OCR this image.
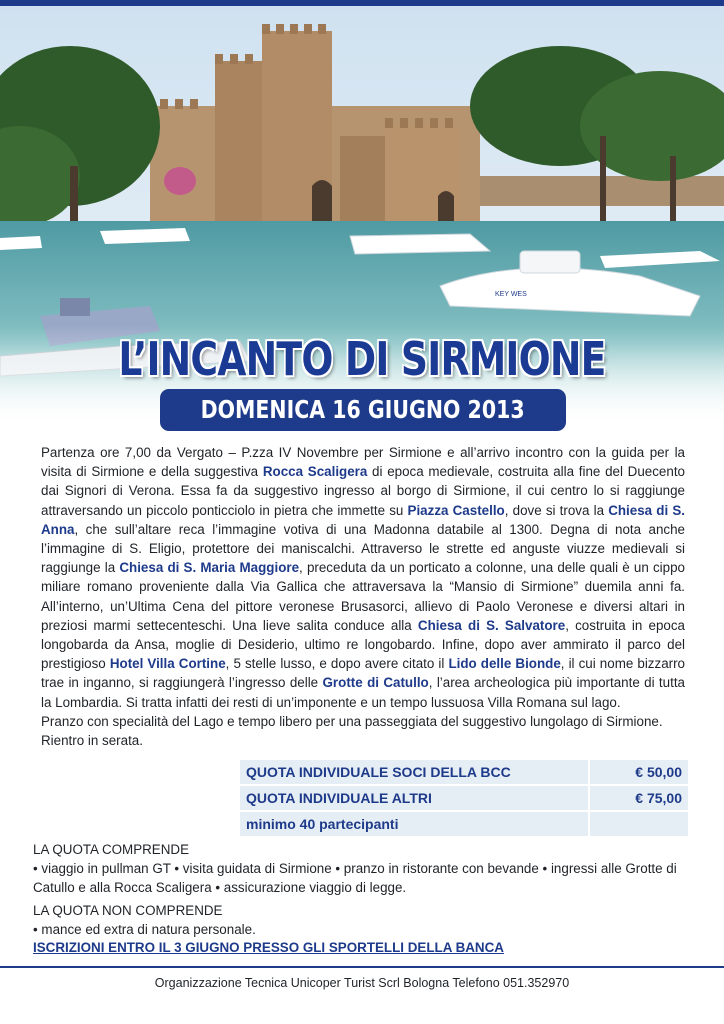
KEY WES
L’INCANTO DI SIRMIONE
DOMENICA 16 GIUGNO 2013

Partenza ore 7,00 da Vergato – P.zza IV Novembre per Sirmione e all’arrivo incontro con la guida per la visita di Sirmione e della suggestiva Rocca Scaligera di epoca medievale, costruita alla fine del Duecento dai Signori di Verona. Essa fa da suggestivo ingresso al borgo di Sirmione, il cui centro lo si raggiunge attraversando un piccolo ponticciolo in pietra che immette su Piazza Castello, dove si trova la Chiesa di S. Anna, che sull’altare reca l’immagine votiva di una Madonna databile al 1300. Degna di nota anche l’immagine di S. Eligio, protettore dei maniscalchi. Attraverso le strette ed anguste viuzze medievali si raggiunge la Chiesa di S. Maria Maggiore, preceduta da un porticato a colonne, una delle quali è un cippo miliare romano proveniente dalla Via Gallica che attraversava la “Mansio di Sirmione” duemila anni fa. All’interno, un’Ultima Cena del pittore veronese Brusasorci, allievo di Paolo Veronese e diversi altari in preziosi marmi settecenteschi. Una lieve salita conduce alla Chiesa di S. Salvatore, costruita in epoca longobarda da Ansa, moglie di Desiderio, ultimo re longobardo. Infine, dopo aver ammirato il parco del prestigioso Hotel Villa Cortine, 5 stelle lusso, e dopo avere citato il Lido delle Bionde, il cui nome bizzarro trae in inganno, si raggiungerà l’ingresso delle Grotte di Catullo, l’area archeologica più importante di tutta la Lombardia. Si tratta infatti dei resti di un’imponente e un tempo lussuosa Villa Romana sul lago.

Pranzo con specialità del Lago e tempo libero per una passeggiata del suggestivo lungolago di Sirmione.

Rientro in serata.

QUOTA INDIVIDUALE SOCI DELLA BCC	€ 50,00
QUOTA INDIVIDUALE ALTRI	€ 75,00
minimo 40 partecipanti	
LA QUOTA COMPRENDE
• viaggio in pullman GT • visita guidata di Sirmione • pranzo in ristorante con bevande • ingressi alle Grotte di Catullo e alla Rocca Scaligera • assicurazione viaggio di legge.
LA QUOTA NON COMPRENDE
• mance ed extra di natura personale.
ISCRIZIONI ENTRO IL 3 GIUGNO PRESSO GLI SPORTELLI DELLA BANCA
Organizzazione Tecnica Unicoper Turist Scrl Bologna Telefono 051.352970
